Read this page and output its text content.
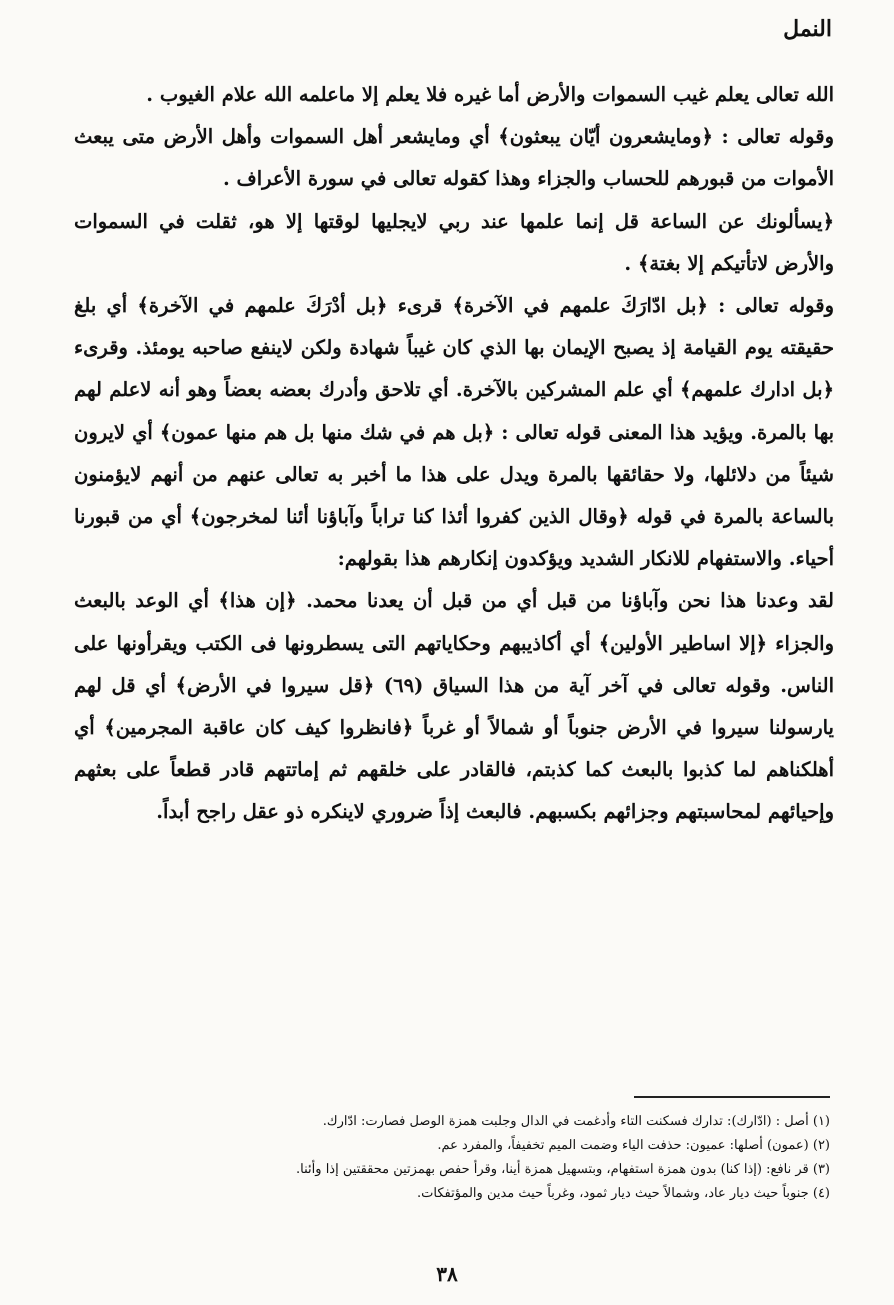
النمل

الله تعالى يعلم غيب السموات والأرض أما غيره فلا يعلم إلا ماعلمه الله علام الغيوب .

وقوله تعالى : ﴿ومايشعرون أيّان يبعثون﴾ أي ومايشعر أهل السموات وأهل الأرض متى يبعث الأموات من قبورهم للحساب والجزاء وهذا كقوله تعالى في سورة الأعراف .

﴿يسألونك عن الساعة قل إنما علمها عند ربي لايجليها لوقتها إلا هو، ثقلت في السموات والأرض لاتأتيكم إلا بغتة﴾ .

وقوله تعالى : ﴿بل ادّارَكَ علمهم في الآخرة﴾ قرىء ﴿بل أدْرَكَ علمهم في الآخرة﴾ أي بلغ حقيقته يوم القيامة إذ يصبح الإيمان بها الذي كان غيباً شهادة ولكن لاينفع صاحبه يومئذ. وقرىء ﴿بل ادارك علمهم﴾ أي علم المشركين بالآخرة. أي تلاحق وأدرك بعضه بعضاً وهو أنه لاعلم لهم بها بالمرة. ويؤيد هذا المعنى قوله تعالى : ﴿بل هم في شك منها بل هم منها عمون﴾ أي لايرون شيئاً من دلائلها، ولا حقائقها بالمرة ويدل على هذا ما أخبر به تعالى عنهم من أنهم لايؤمنون بالساعة بالمرة في قوله ﴿وقال الذين كفروا أئذا كنا تراباً وآباؤنا أئنا لمخرجون﴾ أي من قبورنا أحياء. والاستفهام للانكار الشديد ويؤكدون إنكارهم هذا بقولهم:

لقد وعدنا هذا نحن وآباؤنا من قبل أي من قبل أن يعدنا محمد. ﴿إن هذا﴾ أي الوعد بالبعث والجزاء ﴿إلا اساطير الأولين﴾ أي أكاذيبهم وحكاياتهم التى يسطرونها فى الكتب ويقرأونها على الناس. وقوله تعالى في آخر آية من هذا السياق (٦٩) ﴿قل سيروا في الأرض﴾ أي قل لهم يارسولنا سيروا في الأرض جنوباً أو شمالاً أو غرباً ﴿فانظروا كيف كان عاقبة المجرمين﴾ أي أهلكناهم لما كذبوا بالبعث كما كذبتم، فالقادر على خلقهم ثم إماتتهم قادر قطعاً على بعثهم وإحيائهم لمحاسبتهم وجزائهم بكسبهم. فالبعث إذاً ضروري لاينكره ذو عقل راجح أبداً.

(١) أصل : (ادّارك): تدارك فسكنت التاء وأدغمت في الدال وجلبت همزة الوصل فصارت: ادّارك.

(٢) (عمون) أصلها: عميون: حذفت الياء وضمت الميم تخفيفاً، والمفرد عم.

(٣) قر نافع: (إذا كنا) بدون همزة استفهام، وبتسهيل همزة أينا، وقرأ حفص بهمزتين محققتين إذا وأئنا.

(٤) جنوباً حيث ديار عاد، وشمالاً حيث ديار ثمود، وغرباً حيث مدين والمؤتفكات.

٣٨
